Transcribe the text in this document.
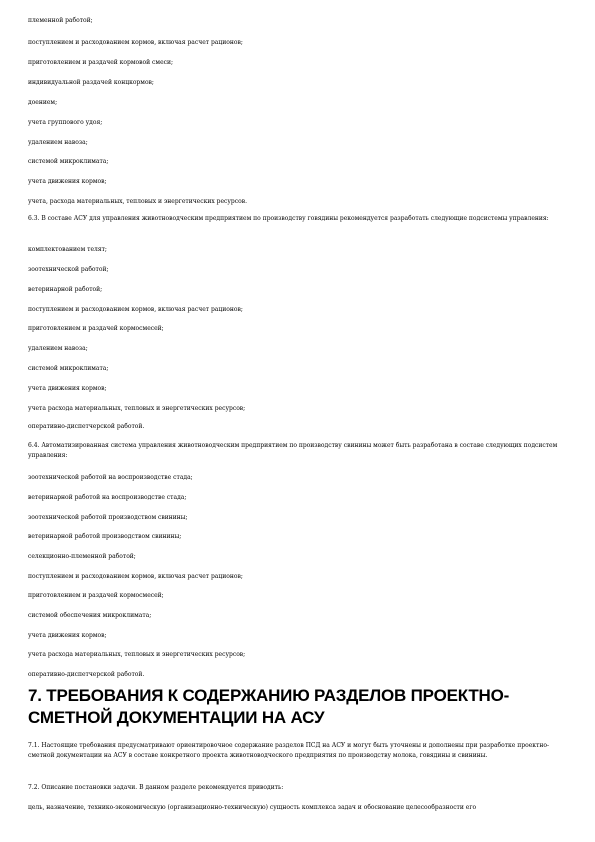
племенной работой;
поступлением и расходованием кормов, включая расчет рационов;
приготовлением и раздачей кормовой смеси;
индивидуальной раздачей концкормов;
доением;
учета группового удоя;
удалением навоза;
системой микроклимата;
учета движения кормов;
учета, расхода материальных, тепловых и энергетических ресурсов.
6.3. В составе АСУ для управления животноводческим предприятием по производству говядины рекомендуется разработать следующие подсистемы управления:
комплектованием телят;
зоотехнической работой;
ветеринарной работой;
поступлением и расходованием кормов, включая расчет рационов;
приготовлением и раздачей кормосмесей;
удалением навоза;
системой микроклимата;
учета движения кормов;
учета расхода материальных, тепловых и энергетических ресурсов;
оперативно-диспетчерской работой.
6.4. Автоматизированная система управления животноводческим предприятием по производству свинины может быть разработана в составе следующих подсистем управления:
зоотехнической работой на воспроизводстве стада;
ветеринарной работой на воспроизводстве стада;
зоотехнической работой производством свинины;
ветеринарной работой производством свинины;
селекционно-племенной работой;
поступлением и расходованием кормов, включая расчет рационов;
приготовлением и раздачей кормосмесей;
системой обеспечения микроклимата;
учета движения кормов;
учета расхода материальных, тепловых и энергетических ресурсов;
оперативно-диспетчерской работой.
7. ТРЕБОВАНИЯ К СОДЕРЖАНИЮ РАЗДЕЛОВ ПРОЕКТНО-СМЕТНОЙ ДОКУМЕНТАЦИИ НА АСУ
7.1. Настоящие требования предусматривают ориентировочное содержание разделов ПСД на АСУ и могут быть уточнены и дополнены при разработке проектно-сметной документации на АСУ в составе конкретного проекта животноводческого предприятия по производству молока, говядины и свинины.
7.2. Описание постановки задачи. В данном разделе рекомендуется приводить:
цель, назначение, технико-экономическую (организационно-техническую) сущность комплекса задач и обоснование целесообразности его
